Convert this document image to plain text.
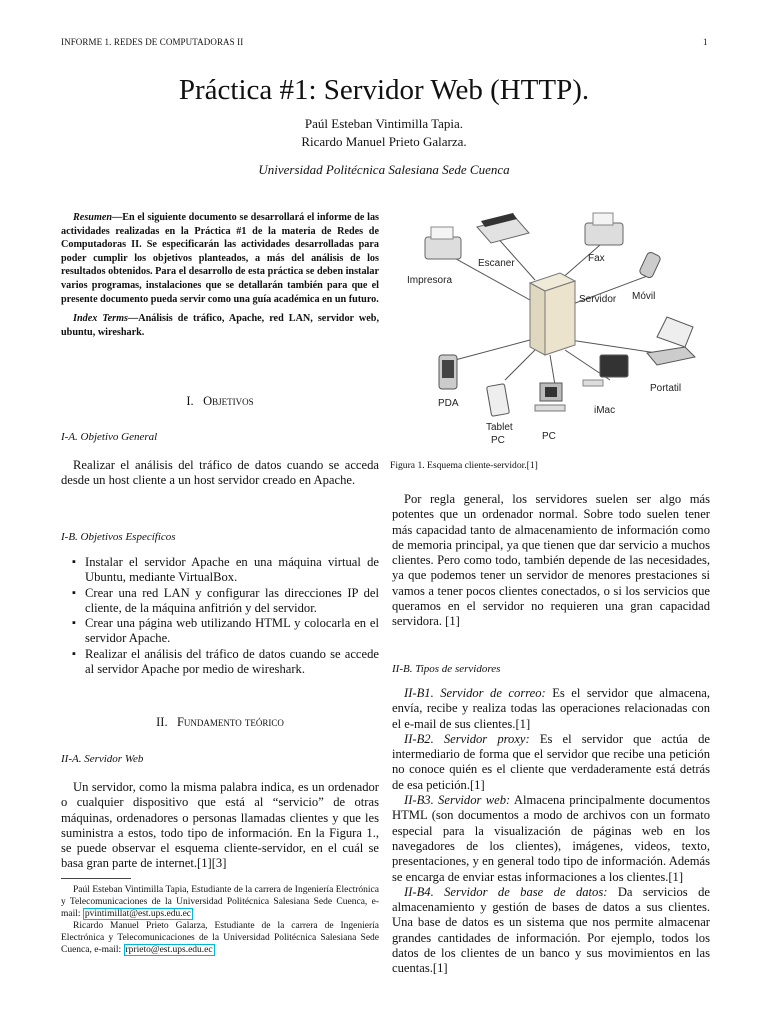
INFORME 1. REDES DE COMPUTADORAS II	1
Práctica #1: Servidor Web (HTTP).
Paúl Esteban Vintimilla Tapia.
Ricardo Manuel Prieto Galarza.
Universidad Politécnica Salesiana Sede Cuenca
Resumen—En el siguiente documento se desarrollará el informe de las actividades realizadas en la Práctica #1 de la materia de Redes de Computadoras II. Se especificarán las actividades desarrolladas para poder cumplir los objetivos planteados, a más del análisis de los resultados obtenidos. Para el desarrollo de esta práctica se deben instalar varios programas, instalaciones que se detallarán también para que el presente documento pueda servir como una guía académica en un futuro.
Index Terms—Análisis de tráfico, Apache, red LAN, servidor web, ubuntu, wireshark.
I. Objetivos
I-A. Objetivo General
Realizar el análisis del tráfico de datos cuando se acceda desde un host cliente a un host servidor creado en Apache.
I-B. Objetivos Específicos
▪ Instalar el servidor Apache en una máquina virtual de Ubuntu, mediante VirtualBox.
▪ Crear una red LAN y configurar las direcciones IP del cliente, de la máquina anfitrión y del servidor.
▪ Crear una página web utilizando HTML y colocarla en el servidor Apache.
▪ Realizar el análisis del tráfico de datos cuando se accede al servidor Apache por medio de wireshark.
II. Fundamento teórico
II-A. Servidor Web
Un servidor, como la misma palabra indica, es un ordenador o cualquier dispositivo que está al “servicio” de otras máquinas, ordenadores o personas llamadas clientes y que les suministra a estos, todo tipo de información. En la Figura 1., se puede observar el esquema cliente-servidor, en el cuál se basa gran parte de internet.[1][3]
Paúl Esteban Vintimilla Tapia, Estudiante de la carrera de Ingeniería Electrónica y Telecomunicaciones de la Universidad Politécnica Salesiana Sede Cuenca, e-mail: pvintimillat@est.ups.edu.ec
Ricardo Manuel Prieto Galarza, Estudiante de la carrera de Ingeniería Electrónica y Telecomunicaciones de la Universidad Politécnica Salesiana Sede Cuenca, e-mail: rprieto@est.ups.edu.ec
Impresora
Escaner	Fax
Servidor Móvil
Portatil
iMac
PDA
Tablet
PC	PC
Figura 1. Esquema cliente-servidor.[1]
Por regla general, los servidores suelen ser algo más potentes que un ordenador normal. Sobre todo suelen tener más capacidad tanto de almacenamiento de información como de memoria principal, ya que tienen que dar servicio a muchos clientes. Pero como todo, también depende de las necesidades, ya que podemos tener un servidor de menores prestaciones si vamos a tener pocos clientes conectados, o si los servicios que queramos en el servidor no requieren una gran capacidad servidora. [1]
II-B. Tipos de servidores
II-B1. Servidor de correo: Es el servidor que almacena, envía, recibe y realiza todas las operaciones relacionadas con el e-mail de sus clientes.[1]
II-B2. Servidor proxy: Es el servidor que actúa de intermediario de forma que el servidor que recibe una petición no conoce quién es el cliente que verdaderamente está detrás de esa petición.[1]
II-B3. Servidor web: Almacena principalmente documentos HTML (son documentos a modo de archivos con un formato especial para la visualización de páginas web en los navegadores de los clientes), imágenes, videos, texto, presentaciones, y en general todo tipo de información. Además se encarga de enviar estas informaciones a los clientes.[1]
II-B4. Servidor de base de datos: Da servicios de almacenamiento y gestión de bases de datos a sus clientes. Una base de datos es un sistema que nos permite almacenar grandes cantidades de información. Por ejemplo, todos los datos de los clientes de un banco y sus movimientos en las cuentas.[1]
